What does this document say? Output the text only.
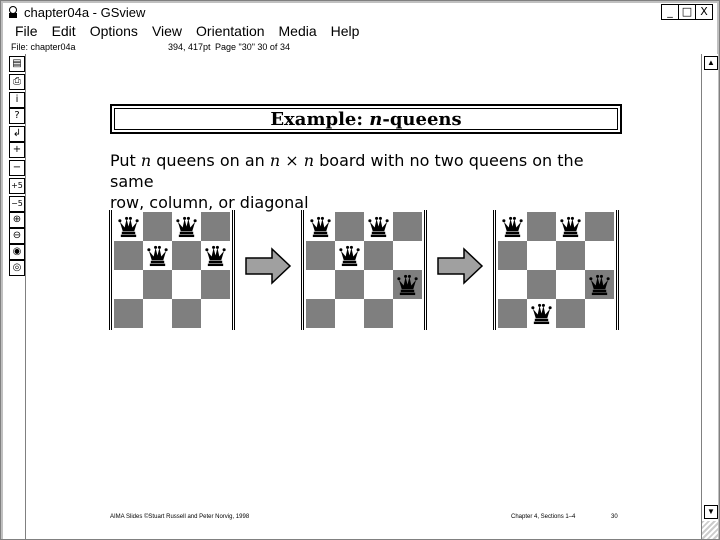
chapter04a - GSview	_ □ X
File Edit Options View Orientation Media Help
File: chapter04a	394, 417pt Page "30" 30 of 34
▤
⎙
i
?
↲
+
−
+5
−5
⊕
⊖
◉
◎
Example: n-queens
Put n queens on an n × n board with no two queens on the same
row, column, or diagonal
AIMA Slides ©Stuart Russell and Peter Norvig, 1998	Chapter 4, Sections 1–4	30
▲
▼
